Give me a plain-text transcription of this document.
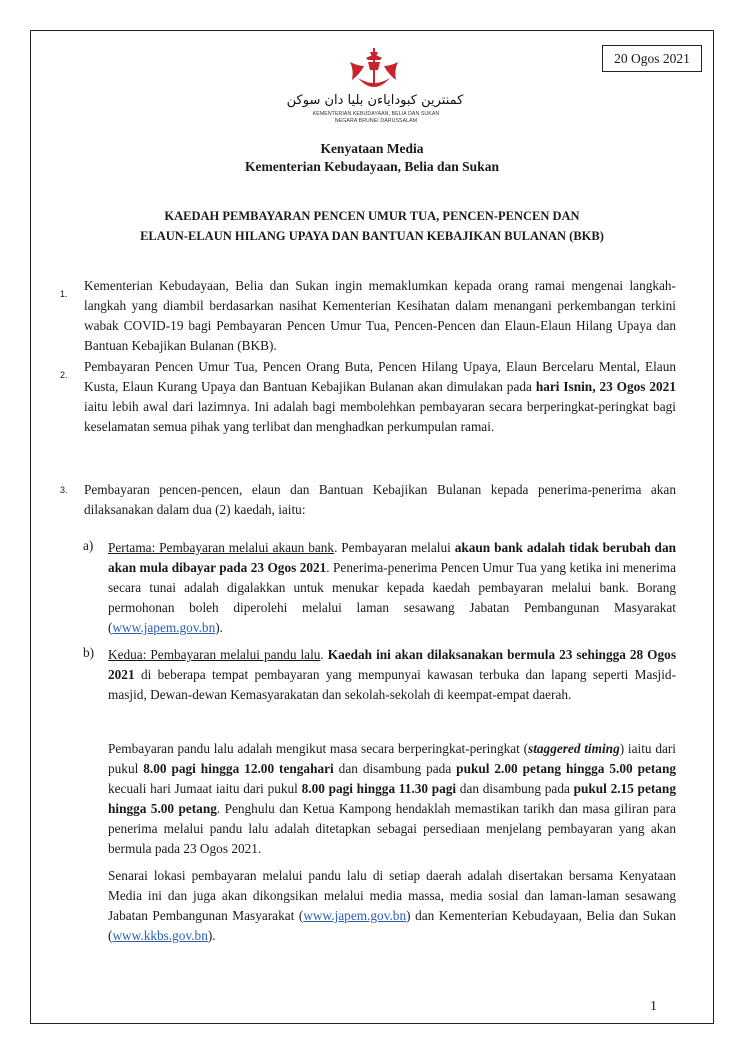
20 Ogos 2021
كمنترين كبوداياءن بليا دان سوكن
KEMENTERIAN KEBUDAYAAN, BELIA DAN SUKAN
NEGARA BRUNEI DARUSSALAM
Kenyataan Media
Kementerian Kebudayaan, Belia dan Sukan
KAEDAH PEMBAYARAN PENCEN UMUR TUA, PENCEN-PENCEN DAN
ELAUN-ELAUN HILANG UPAYA DAN BANTUAN KEBAJIKAN BULANAN (BKB)
1.
Kementerian Kebudayaan, Belia dan Sukan ingin memaklumkan kepada orang ramai mengenai langkah-langkah yang diambil berdasarkan nasihat Kementerian Kesihatan dalam menangani perkembangan terkini wabak COVID-19 bagi Pembayaran Pencen Umur Tua, Pencen-Pencen dan Elaun-Elaun Hilang Upaya dan Bantuan Kebajikan Bulanan (BKB).
2.
Pembayaran Pencen Umur Tua, Pencen Orang Buta, Pencen Hilang Upaya, Elaun Bercelaru Mental, Elaun Kusta, Elaun Kurang Upaya dan Bantuan Kebajikan Bulanan akan dimulakan pada hari Isnin, 23 Ogos 2021 iaitu lebih awal dari lazimnya. Ini adalah bagi membolehkan pembayaran secara berperingkat-peringkat bagi keselamatan semua pihak yang terlibat dan menghadkan perkumpulan ramai.
3. Pembayaran pencen-pencen, elaun dan Bantuan Kebajikan Bulanan kepada penerima-penerima akan dilaksanakan dalam dua (2) kaedah, iaitu:
a) Pertama: Pembayaran melalui akaun bank. Pembayaran melalui akaun bank adalah tidak berubah dan akan mula dibayar pada 23 Ogos 2021. Penerima-penerima Pencen Umur Tua yang ketika ini menerima secara tunai adalah digalakkan untuk menukar kepada kaedah pembayaran melalui bank. Borang permohonan boleh diperolehi melalui laman sesawang Jabatan Pembangunan Masyarakat (www.japem.gov.bn).
b) Kedua: Pembayaran melalui pandu lalu. Kaedah ini akan dilaksanakan bermula 23 sehingga 28 Ogos 2021 di beberapa tempat pembayaran yang mempunyai kawasan terbuka dan lapang seperti Masjid-masjid, Dewan-dewan Kemasyarakatan dan sekolah-sekolah di keempat-empat daerah.
Pembayaran pandu lalu adalah mengikut masa secara berperingkat-peringkat (staggered timing) iaitu dari pukul 8.00 pagi hingga 12.00 tengahari dan disambung pada pukul 2.00 petang hingga 5.00 petang kecuali hari Jumaat iaitu dari pukul 8.00 pagi hingga 11.30 pagi dan disambung pada pukul 2.15 petang hingga 5.00 petang. Penghulu dan Ketua Kampong hendaklah memastikan tarikh dan masa giliran para penerima melalui pandu lalu adalah ditetapkan sebagai persediaan menjelang pembayaran yang akan bermula pada 23 Ogos 2021.
Senarai lokasi pembayaran melalui pandu lalu di setiap daerah adalah disertakan bersama Kenyataan Media ini dan juga akan dikongsikan melalui media massa, media sosial dan laman-laman sesawang Jabatan Pembangunan Masyarakat (www.japem.gov.bn) dan Kementerian Kebudayaan, Belia dan Sukan (www.kkbs.gov.bn).
1
